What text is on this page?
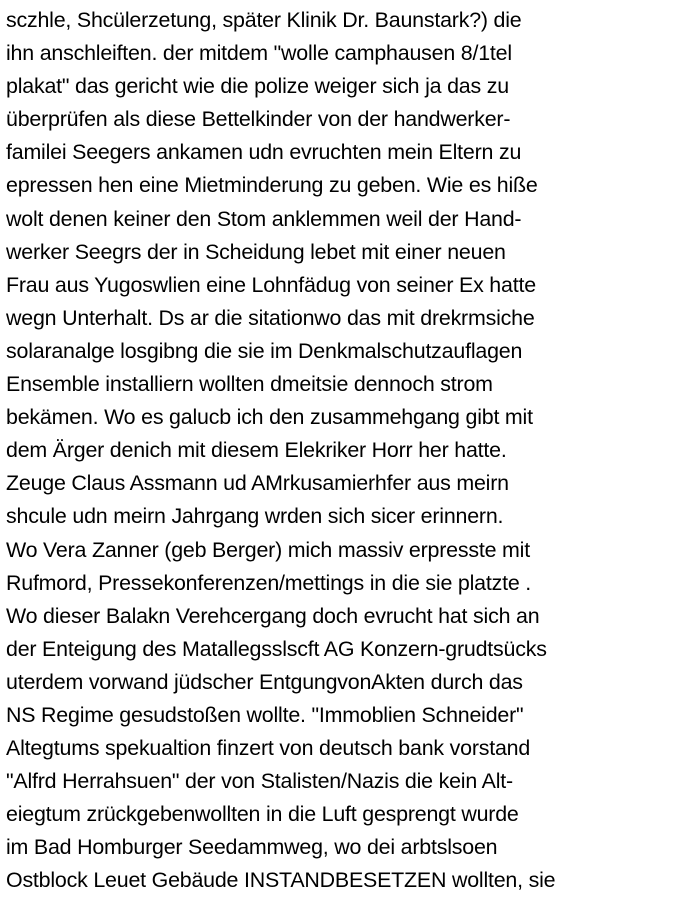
sczhle, Shcülerzetung, später Klinik Dr. Baunstark?) die
ihn anschleiften. der mitdem "wolle camphausen 8/1tel
plakat" das gericht wie die polize weiger sich ja das zu
überprüfen als diese Bettelkinder von der handwerker-
familei Seegers ankamen udn evruchten mein Eltern zu
epressen hen eine Mietminderung zu geben. Wie es hiße
wolt denen keiner den Stom anklemmen weil der Hand-
werker Seegrs der in Scheidung lebet mit einer neuen
Frau aus Yugoswlien eine Lohnfädug von seiner Ex hatte
wegn Unterhalt. Ds ar die sitationwo das mit drekrmsiche
solaranalge losgibng die sie im Denkmalschutzauflagen
Ensemble installiern wollten dmeitsie dennoch strom
bekämen. Wo es galucb ich den zusammehgang gibt mit
dem Ärger denich mit diesem Elekriker Horr her hatte.
Zeuge Claus Assmann ud AMrkusamierhfer aus meirn
shcule udn meirn Jahrgang wrden sich sicer erinnern.
Wo Vera Zanner (geb Berger) mich massiv erpresste mit
Rufmord, Pressekonferenzen/mettings in die sie platzte .
Wo dieser Balakn Verehcergang doch evrucht hat sich an
der Enteigung des Matallegsslscft AG Konzern-grudtsücks
uterdem vorwand jüdscher EntgungvonAkten durch das
NS Regime gesudstoßen wollte. "Immoblien Schneider"
Altegtums spekualtion finzert von deutsch bank vorstand
"Alfrd Herrahsuen" der von Stalisten/Nazis die kein Alt-
eiegtum zrückgebenwollten in die Luft gesprengt wurde
im Bad Homburger Seedammweg, wo dei arbtslsoen
Ostblock Leuet Gebäude INSTANDBESETZEN wollten, sie
